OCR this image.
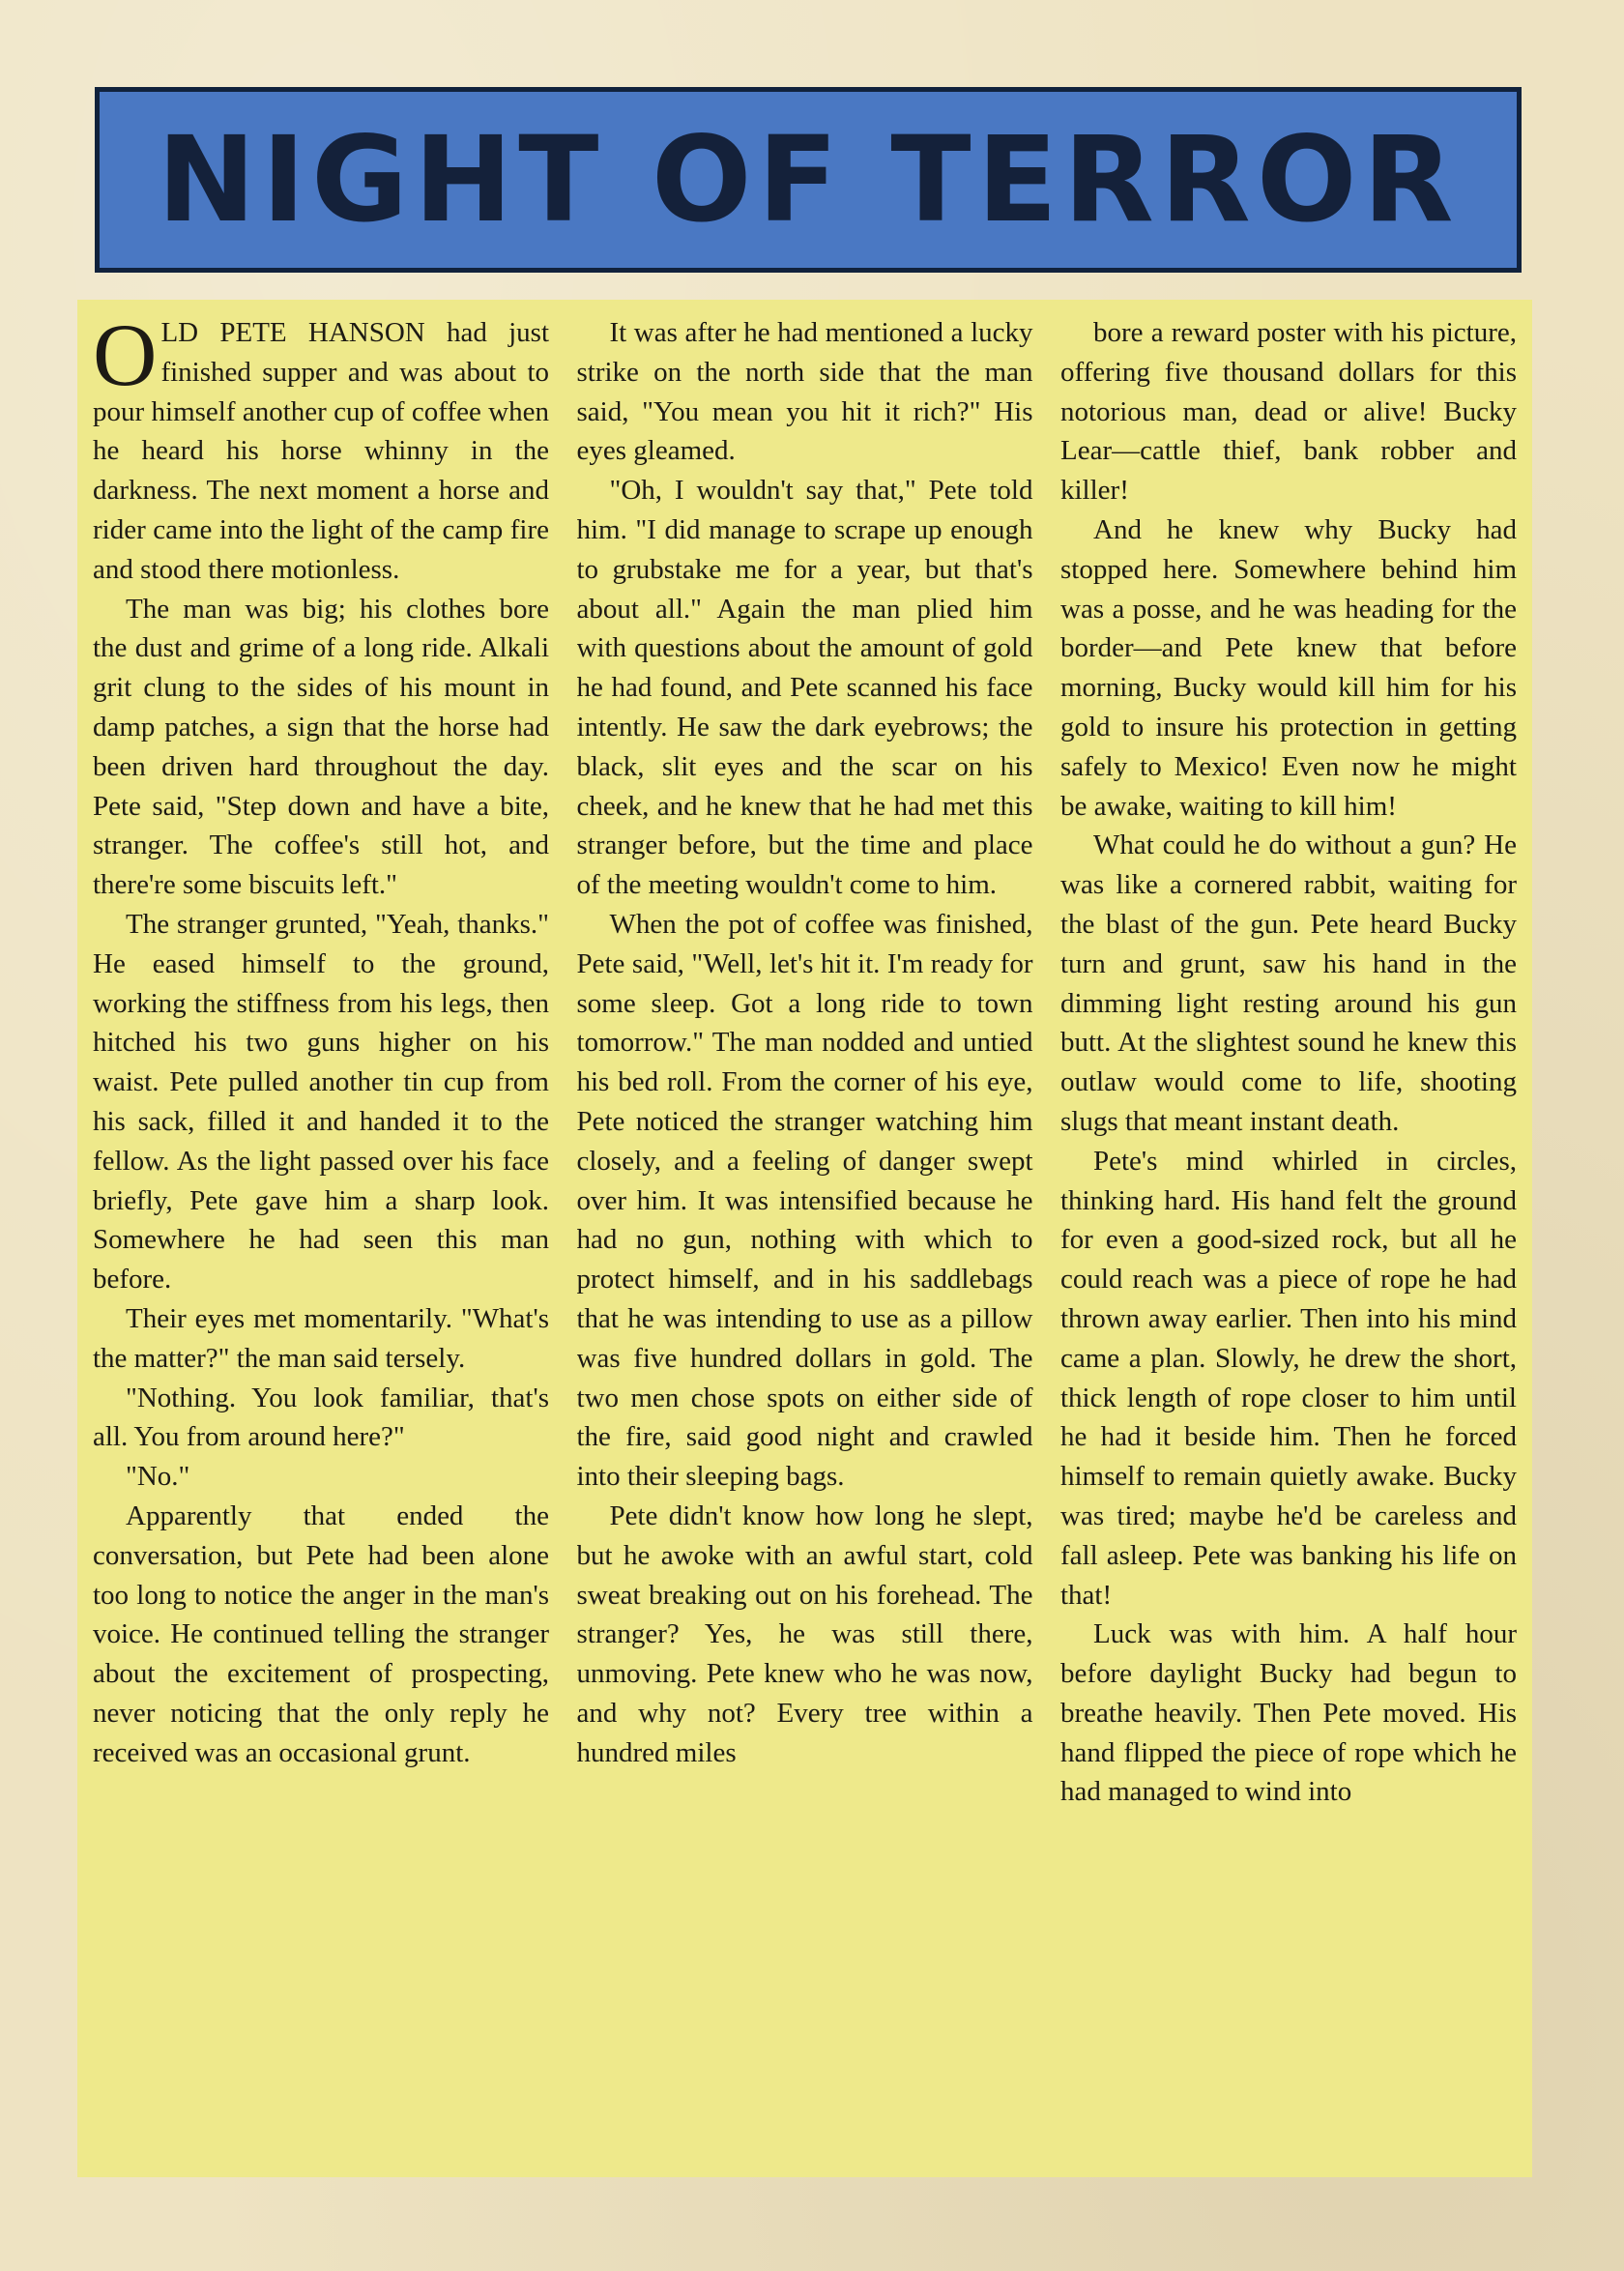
NIGHT OF TERROR

OLD PETE HANSON had just finished supper and was about to pour himself another cup of coffee when he heard his horse whinny in the darkness. The next moment a horse and rider came into the light of the camp fire and stood there motionless.

The man was big; his clothes bore the dust and grime of a long ride. Alkali grit clung to the sides of his mount in damp patches, a sign that the horse had been driven hard throughout the day. Pete said, "Step down and have a bite, stranger. The coffee's still hot, and there're some biscuits left."

The stranger grunted, "Yeah, thanks." He eased himself to the ground, working the stiffness from his legs, then hitched his two guns higher on his waist. Pete pulled another tin cup from his sack, filled it and handed it to the fellow. As the light passed over his face briefly, Pete gave him a sharp look. Somewhere he had seen this man before.

Their eyes met momentarily. "What's the matter?" the man said tersely.

"Nothing. You look familiar, that's all. You from around here?"

"No."

Apparently that ended the conversation, but Pete had been alone too long to notice the anger in the man's voice. He continued telling the stranger about the excitement of prospecting, never noticing that the only reply he received was an occasional grunt.

It was after he had mentioned a lucky strike on the north side that the man said, "You mean you hit it rich?" His eyes gleamed.

"Oh, I wouldn't say that," Pete told him. "I did manage to scrape up enough to grubstake me for a year, but that's about all." Again the man plied him with questions about the amount of gold he had found, and Pete scanned his face intently. He saw the dark eyebrows; the black, slit eyes and the scar on his cheek, and he knew that he had met this stranger before, but the time and place of the meeting wouldn't come to him.

When the pot of coffee was finished, Pete said, "Well, let's hit it. I'm ready for some sleep. Got a long ride to town tomorrow." The man nodded and untied his bed roll. From the corner of his eye, Pete noticed the stranger watching him closely, and a feeling of danger swept over him. It was intensified because he had no gun, nothing with which to protect himself, and in his saddlebags that he was intending to use as a pillow was five hundred dollars in gold. The two men chose spots on either side of the fire, said good night and crawled into their sleeping bags.

Pete didn't know how long he slept, but he awoke with an awful start, cold sweat breaking out on his forehead. The stranger? Yes, he was still there, unmoving. Pete knew who he was now, and why not? Every tree within a hundred miles

bore a reward poster with his picture, offering five thousand dollars for this notorious man, dead or alive! Bucky Lear—cattle thief, bank robber and killer!

And he knew why Bucky had stopped here. Somewhere behind him was a posse, and he was heading for the border—and Pete knew that before morning, Bucky would kill him for his gold to insure his protection in getting safely to Mexico! Even now he might be awake, waiting to kill him!

What could he do without a gun? He was like a cornered rabbit, waiting for the blast of the gun. Pete heard Bucky turn and grunt, saw his hand in the dimming light resting around his gun butt. At the slightest sound he knew this outlaw would come to life, shooting slugs that meant instant death.

Pete's mind whirled in circles, thinking hard. His hand felt the ground for even a good-sized rock, but all he could reach was a piece of rope he had thrown away earlier. Then into his mind came a plan. Slowly, he drew the short, thick length of rope closer to him until he had it beside him. Then he forced himself to remain quietly awake. Bucky was tired; maybe he'd be careless and fall asleep. Pete was banking his life on that!

Luck was with him. A half hour before daylight Bucky had begun to breathe heavily. Then Pete moved. His hand flipped the piece of rope which he had managed to wind into
